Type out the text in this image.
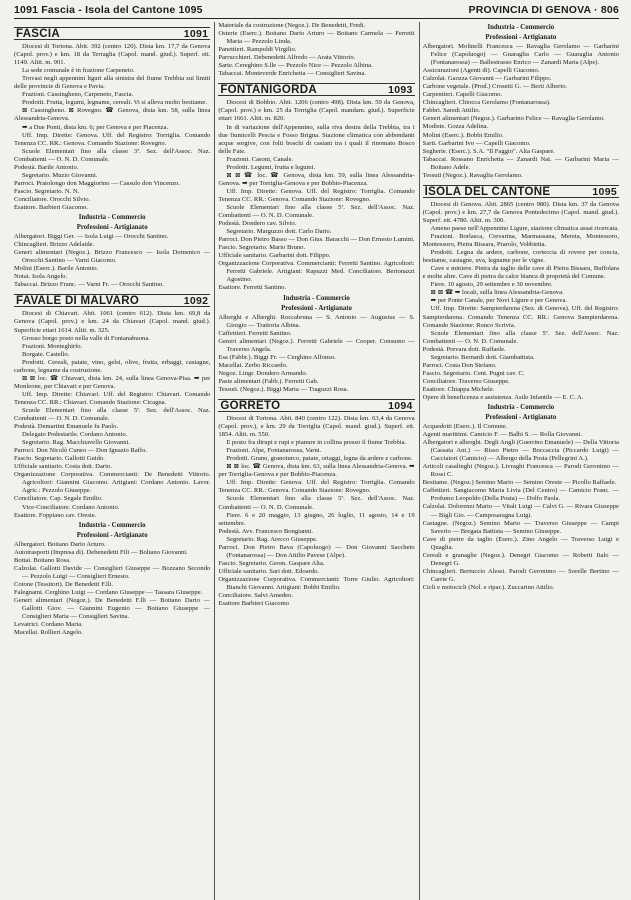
1091 Fascia - Isola del Cantone 1095	PROVINCIA DI GENOVA · 806
FASCIA	1091

Diocesi di Tortona. Abit. 392 (centro 120). Dista km. 17,7 da Genova (Capol. prov.) e km. 18 da Terraglia (Capol. mand. giud.). Superf. ett. 1149. Altit. m. 901.

La sede comunale è in frazione Carpeneto.

Trovasi negli appennini liguri alla sinistra del fiume Trebbia sui limiti delle provincie di Genova e Pavia.

Frazioni. Cassingheno, Carpeneto, Fascia.

Prodotti. Frutta, legumi, legname, cereali. Vi si alleva molto bestiame.

⊠ Cassingheno. ⊠ Rovegno. ☎ Genova, dista km. 58, sulla linea Alessandria-Genova.

➡ a Due Ponti, dista km. 6; per Genova e per Piacenza.

Uff. Imp. Dirette: Genova. Uff. del Registro: Torriglia. Comando Tenenza CC. RR.: Genova. Comando Stazione: Rovegno.

Scuole Elementari fino alla classe 3ª. Sez. dell'Assoc. Naz. Combattenti — O. N. D. Comunale.

Podestà. Barile Antonio.

Segretario. Muzio Giovanni.

Parroci. Pratolongo don Maggiorino — Cassulo don Vincenzo.

Fascio. Segretario. N. N.

Conciliatore. Orocchi Silvio.

Esattore. Barbieri Giacomo.

Industria - Commercio
Professioni - Artigianato

Albergatori. Biggi Ger. — Isola Luigi — Orocchi Santino.

Chincaglieri. Brizzo Adelaide.

Generi alimentari (Negoz.). Brizzo Francesco — Isola Domenico — Orocchi Santino — Varni Giacomo.

Molini (Eserc.). Barile Antonio.

Notai. Isola Angelo.

Tabaccai. Brizzo Franc. — Varni Fr. — Orocchi Santino.

FAVALE DI MALVARO	1092

Diocesi di Chiavari. Abit. 1061 (centro 612). Dista km. 69,8 da Genova (Capol. prov.) e km. 24 da Chiavari (Capol. mand. giud.). Superficie ettari 1614. Altit. m. 325.

Grosso borgo posto nella valle di Fontanabuona.

Frazioni. Monteghirfo.

Borgate. Castello.

Prodotti. Cereali, patate, vino, gelsi, olive, frutta, erbaggi, castagne, carbone, legname da costruzione.

⊠ ⊠ loc. ☎ Chiavari, dista km. 24, sulla linea Genova-Pisa. ➡ per Monleone, per Chiavari e per Genova.

Uff. Imp. Dirette: Chiavari. Uff. del Registro: Chiavari. Comando Tenenza CC. RR.: Chiavari. Comando Stazione: Cicagna.

Scuole Elementari fino alla classe 5ª. Sez. dell'Assoc. Naz. Combattenti — O. N. D. Comunale.

Podestà. Demartini Emanuele fu Paolo.

Delegato Podestarile. Cordano Antonio.

Segretario. Rag. Macchiavello Giovanni.

Parroci. Don Nicolò Cuneo — Don Ignazio Raffo.

Fascio. Segretario. Gallotti Guido.

Ufficiale sanitario. Costa dott. Dario.

Organizzazione Corporativa. Commercianti: De Benedetti Vittorio. Agricoltori: Giannini Giacomo. Artigiani: Cordano Antonio. Lavor. Agric.: Pezzolo Giuseppe.

Conciliatore. Cap. Segale Emilio.

Vice-Conciliatore. Cordano Antonio.

Esattore. Foppiano cav. Oreste.

Industria - Commercio
Professioni - Artigianato

Albergatori. Boitano Dario Arturo.

Autotrasporti (Impresa di). Debenedetti Fili — Boltano Giovanni.

Bottai. Boitano Rosa.

Calzolai. Gallotti Davide — Consiglieri Giuseppe — Bozzano Secondo — Pezzolo Luigi — Consiglieri Ernesto.

Cotone (Tessitori). De Benedetti F.lli.

Falegnami. Cerghino Luigi — Cordano Giuseppe — Tassara Giuseppe.

Generi alimentari (Negoz.). De Benedetti F.lli — Boitano Dario — Gallotti Giov. — Giannini Eugenio — Boitano Giuseppe — Consiglieri Maria — Consiglieri Savina.

Levatrici. Cordano Maria.

Macellai. Rollieri Angelo.

Materiale da costruzione (Negoz.). De Benedetti, Fredi.

Osterie (Eserc.). Boitano Dario Arturo — Boitano Carmela — Ferretti Maria — Pezzolo Linda.

Panettieri. Rampoldi Virgilio.

Parrucchieri. Debenedetti Alfredo — Arata Vittorio.

Sarte. Cereghino S.lle — Pezzolo Nice — Pezzolo Albina.

Tabaccai. Monteverde Enrichetta — Consiglieri Savina.

FONTANIGORDA	1093

Diocesi di Bobbio. Abit. 1206 (centro 498). Dista km. 59 da Genova, (Capol. prov.) e km. 25 da Torriglia (Capol. mandam. giud.). Superficie ettari 1661. Altit. m. 820.

In di variazione dell'Appennino, sulla riva destra della Trebbia, tra i due fiumicelli Pescia e Fosso Brigna. Stazione climatica con abbondanti acque sorgive, con folti boschi di castani tra i quali il rinomato Bosco delle Fate.

Frazioni. Casoni, Canale.

Prodotti. Legumi, frutta e legumi.

⊠ ⊠ ☎ loc. ☎ Genova, dista km. 59, sulla linea Alessandria-Genova. ➡ per Torriglia-Genova e per Bobbio-Piacenza.

Uff. Imp. Dirette: Genova. Uff. del Registro: Torriglia. Comando Tenenza CC. RR.: Genova. Comando Stazione: Rovegno.

Scuole Elementari fino alla classe 5ª. Sez. dell'Assoc. Naz. Combattenti — O. N. D. Comunale.

Podestà. Dondero cav. Silvio.

Segretario. Marguzzo dott. Carlo Dario.

Parroci. Don Pietro Basso — Don Gius. Baracchi — Don Ernesto Lumini.

Fascio. Segretario. Mario Bruno.

Ufficiale sanitario. Garbarini dott. Filippo.

Organizzazione Corporativa. Commercianti: Ferretti Santino. Agricoltori: Ferretti Gabriele. Artigiani: Rapuzzi Med. Conciliatore. Bertonazzi Agostino.

Esattore. Ferretti Santino.

Industria - Commercio
Professioni - Artigianato

Alberghi e Alberghi. Roccabruna — S. Antonio — Augustus — S. Giorgio — Trattoria Albina.

Caffettieri. Ferretti Santino.

Generi alimentari (Negoz.). Ferretti Gabriele — Cooper. Consumo — Traverso Angela.

Esa (Fabbr.). Biggi Fr. — Cerghino Alfonso.

Macellai. Zerbo Riccardo.

Negoz. Lingr. Dondero Armando.

Paste alimentari (Fabb.). Ferretti Gab.

Tessuti. (Negoz.). Biggi Maria — Traguzzi Rosa.

GORRETO	1094

Diocesi di Tortona. Abit. 840 (centro 122). Dista km. 63,4 da Genova (Capol. prov.), e km. 29 da Torriglia (Capol. mand. giud.). Superf. ett. 1854. Altit. m. 550.

E posto fra dirupi e rupi e pianure in collina presso il fiume Trebbia.

Frazioni. Alpe, Fontanarossa, Varni.

Prodotti. Grano, granoturco, patate, ortaggi, legna da ardere e carbone.

⊠ ⊠ loc. ☎ Genova, dista km. 63, sulla linea Alessandria-Genova. ➡ per Torriglia-Genova e per Bobbio-Piacenza.

Uff. Imp. Dirette: Genova. Uff. del Registro: Torriglia. Comando Tenenza CC. RR.: Genova. Comando Stazione: Rovegno.

Scuole Elementari fino alla classe 5ª. Sez. dell'Assoc. Naz. Combattenti — O. N. D. Comunale.

Fiere. 6 e 20 maggio, 13 giugno, 26 luglio, 11 agosto, 14 e 19 settembre.

Podestà. Avv. Francesco Bongianni.

Segretario. Rag. Arecco Giuseppe.

Parroci. Don Pietro Bava (Capoluogo) — Don Giovanni Saccheto (Fontanarossa) — Don Attilio Pavese (Alpe).

Fascio. Segretario. Geom. Gaspare Alta.

Ufficiale sanitario. Sari dott. Edoardo.

Organizzazione Corporativa. Commercianti: Torre Giulio. Agricoltori: Bianchi Giovanni. Artigiani: Bobbi Emilio.

Conciliatore. Salvi Amedeo.

Esattore Barbieri Giacomo

Industria - Commercio
Professioni - Artigianato

Albergatori. Molinelli Francesca — Ravaglia Gerolamo — Garbarini Felice (Capoluogo) — Guaraglia Carlo — Guaraglia Antonio (Fontanarossa) — Ballestrasso Enrico — Zanardi Maria (Alpe).

Assicurazioni (Agenti di). Capelli Giacomo.

Calzolai. Gaozza Giovanni — Garbarini Filippo.

Carbone vegetale. (Prod.) Crosetti G. — Berti Alberto.

Carpentieri. Capelli Giacomo.

Chincaglieri. Chiocca Gerolamo (Fontanarossa).

Fabbri. Saredi Attilio.

Generi alimentari (Negoz.). Garbarino Felice — Ravaglia Gerolamo.

Modiste. Gozza Adelina.

Molini (Eserc.). Bobbi Emilio.

Sarti. Garbarini Ivo — Capelli Giacomo.

Segherie. (Eserc.). S.A. "Il Faggio". Alta Gaspare.

Tabaccai. Rossano Enrichetta — Zanardi Nat. — Garbarini Maria — Boitano Adele.

Tessuti (Negoz.). Ravaglia Gerolamo.

ISOLA DEL CANTONE	1095

Diocesi di Genova. Abit. 2865 (centro 980). Dista km. 37 da Genova (Capol. prov.) e km. 27,7 da Genova Pontedecimo (Capol. mand. giud.). Superf. ett. 4780. Altit. m. 300.

Ameno paese nell'Appennino Ligure, stazione climatica assai ricercata.

Frazioni. Borlasca, Crevarina, Marmassana, Mereta, Montessoro, Montessoro, Pietra Bissara, Prarolo, Vobbietta.

Prodotti. Legna da ardere, carbone, corteccia di rovere per concia, bestiame, castagne, uva, legname per le vigne.

Cave e miniere. Pietra da taglio delle cave di Pietra Bissara, Buffolara e molte altre. Cave di pietra da calce bianca di proprietà del Comune.

Fiere. 10 agosto, 29 settembre e 30 novembre.

⊠ ⊠ ☎ ➡ locali, sulla linea Alessandria-Genova.

➡ per Ponte Canale, per Novi Ligure e per Genova.

Uff. Imp. Dirette: Sampierdarena (Sez. di Genova). Uff. del Registro: Sampierdarena. Comando Tenenza CC. RR.: Genova Sampierdarena. Comando Stazione: Ronco Scrivia.

Scuole Elementari fino alla classe 5ª. Sez. dell'Assoc. Naz. Combattenti — O. N. D. Comunale.

Podestà. Prevara dott. Raffaele.

Segretario. Bernardi dott. Giambattista.

Parroci. Costa Don Stefano.

Fascio. Segretario. Cent. Pugni cav. C.

Conciliatore. Traverso Giuseppe.

Esattore. Chiappa Michele.

Opere di beneficenza e assistenza. Asilo Infantile — E. C. A.

Industria - Commercio
Professioni - Artigianato

Acquedotti (Eserc.). Il Comune.

Agenti marittimi. Camicio F. — Balbi S. — Rolla Giovanni.

Albergatori e alberghi. Degli Angli (Guerrino Emanuele) — Della Vittoria (Cassata Ant.) — Risso Pietro — Boccaccia (Piccardo Luigi) — Cacciatori (Camicio) — Albergo della Posta (Pellegrini A.).

Articoli casalinghi (Negoz.). Livraghi Francesca — Parodi Geronimo — Rossi C.

Bestiame. (Negoz.) Semino Mario — Semino Oreste — Picollo Raffaele.

Caffettieri. Sangiacomo Maria Livia (Del Centro) — Camicio Franc. — Profumo Leopoldo (Della Posta) — Dolfo Paola.

Calzolai. Dolorenzi Mario — Vitali Luigi — Calvi G. — Rivara Giuseppe — Bigli Gio. — Camposaragna Luigi.

Castagne. (Negoz.) Semino Mario — Traverso Giuseppe — Campi Saverio — Bregata Battista — Semino Giuseppe.

Cave di pietre da taglio (Eserc.). Zino Angelo — Traverso Luigi e Quaglia.

Cereali e granaglie (Negoz.). Denegri Giacomo — Roberti Italo — Denegri G.

Chincaglieri. Bertuccio Alessi. Parodi Geronimo — Sorelle Bertino — Carrie G.

Cicli e motocicli (Nol. e ripar.). Zuccarino Attilio.
